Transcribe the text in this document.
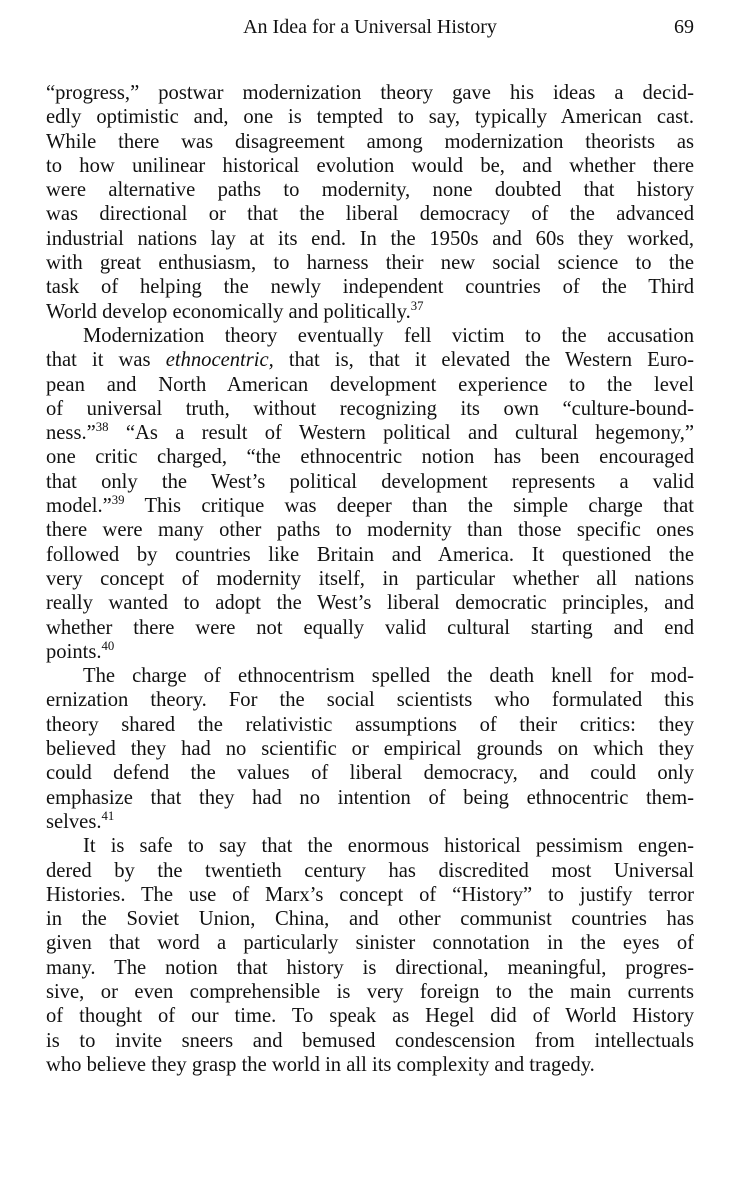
An Idea for a Universal History	69
“progress,” postwar modernization theory gave his ideas a decid-
edly optimistic and, one is tempted to say, typically American cast.
While there was disagreement among modernization theorists as
to how unilinear historical evolution would be, and whether there
were alternative paths to modernity, none doubted that history
was directional or that the liberal democracy of the advanced
industrial nations lay at its end. In the 1950s and 60s they worked,
with great enthusiasm, to harness their new social science to the
task of helping the newly independent countries of the Third
World develop economically and politically.$^{37}$
Modernization theory eventually fell victim to the accusation
that it was ethnocentric, that is, that it elevated the Western Euro-
pean and North American development experience to the level
of universal truth, without recognizing its own “culture-bound-
ness.”$^{38}$ “As a result of Western political and cultural hegemony,”
one critic charged, “the ethnocentric notion has been encouraged
that only the West’s political development represents a valid
model.”$^{39}$ This critique was deeper than the simple charge that
there were many other paths to modernity than those specific ones
followed by countries like Britain and America. It questioned the
very concept of modernity itself, in particular whether all nations
really wanted to adopt the West’s liberal democratic principles, and
whether there were not equally valid cultural starting and end
points.$^{40}$
The charge of ethnocentrism spelled the death knell for mod-
ernization theory. For the social scientists who formulated this
theory shared the relativistic assumptions of their critics: they
believed they had no scientific or empirical grounds on which they
could defend the values of liberal democracy, and could only
emphasize that they had no intention of being ethnocentric them-
selves.$^{41}$
It is safe to say that the enormous historical pessimism engen-
dered by the twentieth century has discredited most Universal
Histories. The use of Marx’s concept of “History” to justify terror
in the Soviet Union, China, and other communist countries has
given that word a particularly sinister connotation in the eyes of
many. The notion that history is directional, meaningful, progres-
sive, or even comprehensible is very foreign to the main currents
of thought of our time. To speak as Hegel did of World History
is to invite sneers and bemused condescension from intellectuals
who believe they grasp the world in all its complexity and tragedy.
